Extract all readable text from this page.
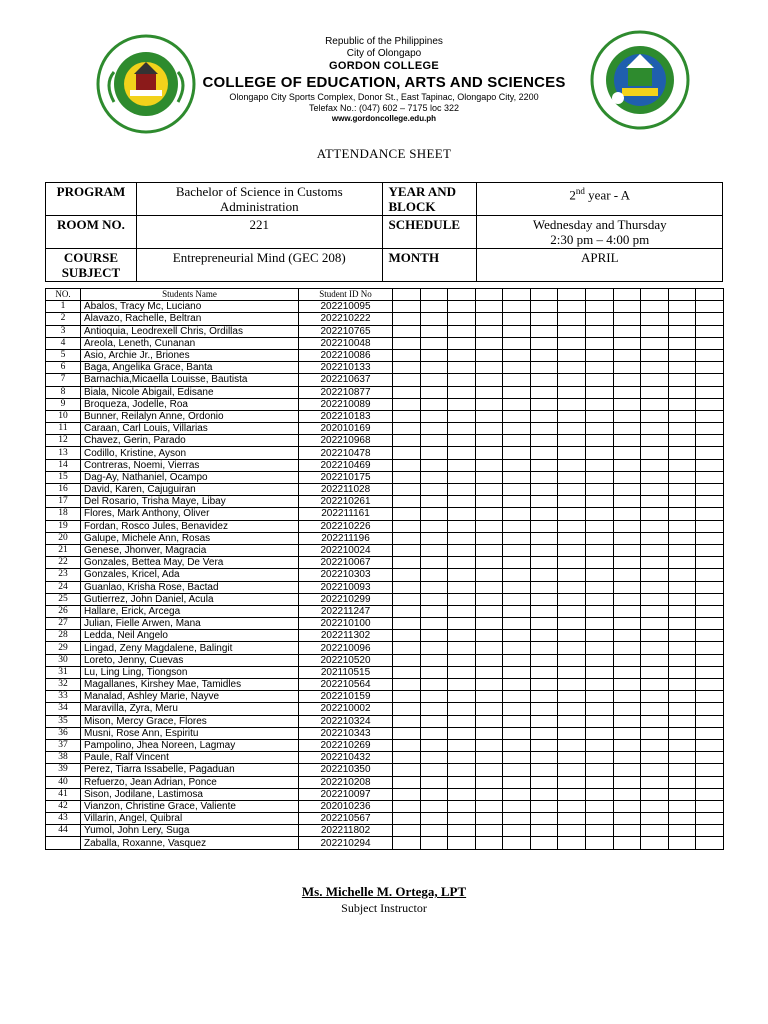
Republic of the Philippines
City of Olongapo
GORDON COLLEGE
COLLEGE OF EDUCATION, ARTS AND SCIENCES
Olongapo City Sports Complex, Donor St., East Tapinac, Olongapo City, 2200
Telefax No.: (047) 602 – 7175 loc 322
www.gordoncollege.edu.ph
ATTENDANCE SHEET
PROGRAM	Bachelor of Science in Customs Administration	YEAR AND BLOCK	2nd year - A
ROOM NO.	221	SCHEDULE	Wednesday and Thursday
2:30 pm – 4:00 pm

COURSE SUBJECT	Entrepreneurial Mind (GEC 208)	MONTH	APRIL
NO.	Students Name	Student ID No												
1	Abalos, Tracy Mc, Luciano	202210095												
2	Alavazo, Rachelle, Beltran	202210222												
3	Antioquia, Leodrexell Chris, Ordillas	202210765												
4	Areola, Leneth, Cunanan	202210048												
5	Asio, Archie Jr., Briones	202210086												
6	Baga, Angelika Grace, Banta	202210133												
7	Barnachia,Micaella Louisse, Bautista	202210637												
8	Biala, Nicole Abigail, Edisane	202210877												
9	Broqueza, Jodelle, Roa	202210089												
10	Bunner, Reilalyn Anne, Ordonio	202210183												
11	Caraan, Carl Louis, Villarias	202010169												
12	Chavez, Gerin, Parado	202210968												
13	Codillo, Kristine, Ayson	202210478												
14	Contreras, Noemi, Vierras	202210469												
15	Dag-Ay, Nathaniel, Ocampo	202210175												
16	David, Karen, Cajuguiran	202211028												
17	Del Rosario, Trisha Maye, Libay	202210261												
18	Flores, Mark Anthony, Oliver	202211161												
19	Fordan, Rosco Jules, Benavidez	202210226												
20	Galupe, Michele Ann, Rosas	202211196												
21	Genese, Jhonver, Magracia	202210024												
22	Gonzales, Bettea May, De Vera	202210067												
23	Gonzales, Kricel, Ada	202210303												
24	Guanlao, Krisha Rose, Bactad	202210093												
25	Gutierrez, John Daniel, Acula	202210299												
26	Hallare, Erick, Arcega	202211247												
27	Julian, Fielle Arwen, Mana	202210100												
28	Ledda, Neil Angelo	202211302												
29	Lingad, Zeny Magdalene, Balingit	202210096												
30	Loreto, Jenny, Cuevas	202210520												
31	Lu, Ling Ling, Tiongson	202110515												
32	Magallanes, Kirshey Mae, Tamidles	202210564												
33	Manalad, Ashley Marie, Nayve	202210159												
34	Maravilla, Zyra, Meru	202210002												
35	Mison, Mercy Grace, Flores	202210324												
36	Musni, Rose Ann, Espiritu	202210343												
37	Pampolino, Jhea Noreen, Lagmay	202210269												
38	Paule, Ralf Vincent	202210432												
39	Perez, Tiarra Issabelle, Pagaduan	202210350												
40	Refuerzo, Jean Adrian, Ponce	202210208												
41	Sison, Jodilane, Lastimosa	202210097												
42	Vianzon, Christine Grace, Valiente	202010236												
43	Villarin, Angel, Quibral	202210567												
44	Yumol, John Lery, Suga	202211802												
	Zaballa, Roxanne, Vasquez	202210294												
Ms. Michelle M. Ortega, LPT
Subject Instructor
